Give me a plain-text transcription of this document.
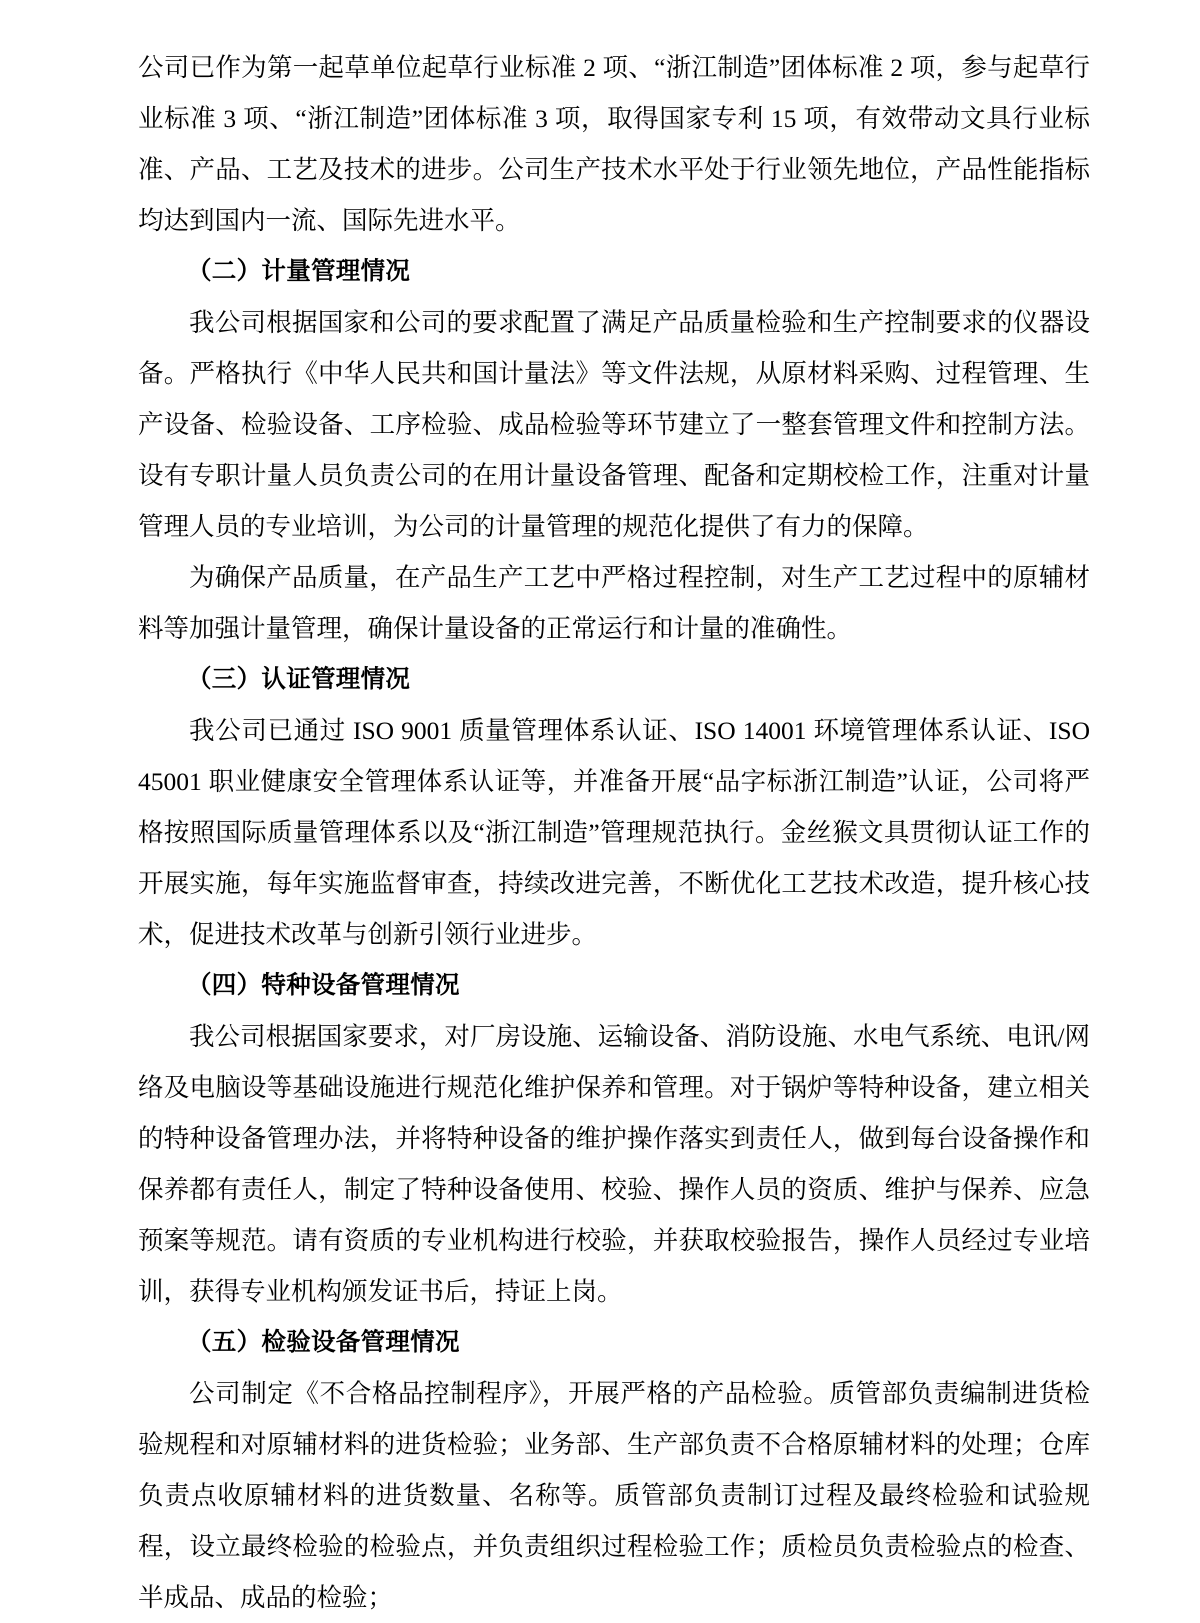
公司已作为第一起草单位起草行业标准 2 项、“浙江制造”团体标准 2 项，参与起草行业标准 3 项、“浙江制造”团体标准 3 项，取得国家专利 15 项，有效带动文具行业标准、产品、工艺及技术的进步。公司生产技术水平处于行业领先地位，产品性能指标均达到国内一流、国际先进水平。

（二）计量管理情况

我公司根据国家和公司的要求配置了满足产品质量检验和生产控制要求的仪器设备。严格执行《中华人民共和国计量法》等文件法规，从原材料采购、过程管理、生产设备、检验设备、工序检验、成品检验等环节建立了一整套管理文件和控制方法。设有专职计量人员负责公司的在用计量设备管理、配备和定期校检工作，注重对计量管理人员的专业培训，为公司的计量管理的规范化提供了有力的保障。

为确保产品质量，在产品生产工艺中严格过程控制，对生产工艺过程中的原辅材料等加强计量管理，确保计量设备的正常运行和计量的准确性。

（三）认证管理情况

我公司已通过 ISO 9001 质量管理体系认证、ISO 14001 环境管理体系认证、ISO 45001 职业健康安全管理体系认证等，并准备开展“品字标浙江制造”认证，公司将严格按照国际质量管理体系以及“浙江制造”管理规范执行。金丝猴文具贯彻认证工作的开展实施，每年实施监督审查，持续改进完善，不断优化工艺技术改造，提升核心技术，促进技术改革与创新引领行业进步。

（四）特种设备管理情况

我公司根据国家要求，对厂房设施、运输设备、消防设施、水电气系统、电讯/网络及电脑设等基础设施进行规范化维护保养和管理。对于锅炉等特种设备，建立相关的特种设备管理办法，并将特种设备的维护操作落实到责任人，做到每台设备操作和保养都有责任人，制定了特种设备使用、校验、操作人员的资质、维护与保养、应急预案等规范。请有资质的专业机构进行校验，并获取校验报告，操作人员经过专业培训，获得专业机构颁发证书后，持证上岗。

（五）检验设备管理情况

公司制定《不合格品控制程序》，开展严格的产品检验。质管部负责编制进货检验规程和对原辅材料的进货检验；业务部、生产部负责不合格原辅材料的处理；仓库负责点收原辅材料的进货数量、名称等。质管部负责制订过程及最终检验和试验规程，设立最终检验的检验点，并负责组织过程检验工作；质检员负责检验点的检查、半成品、成品的检验；
